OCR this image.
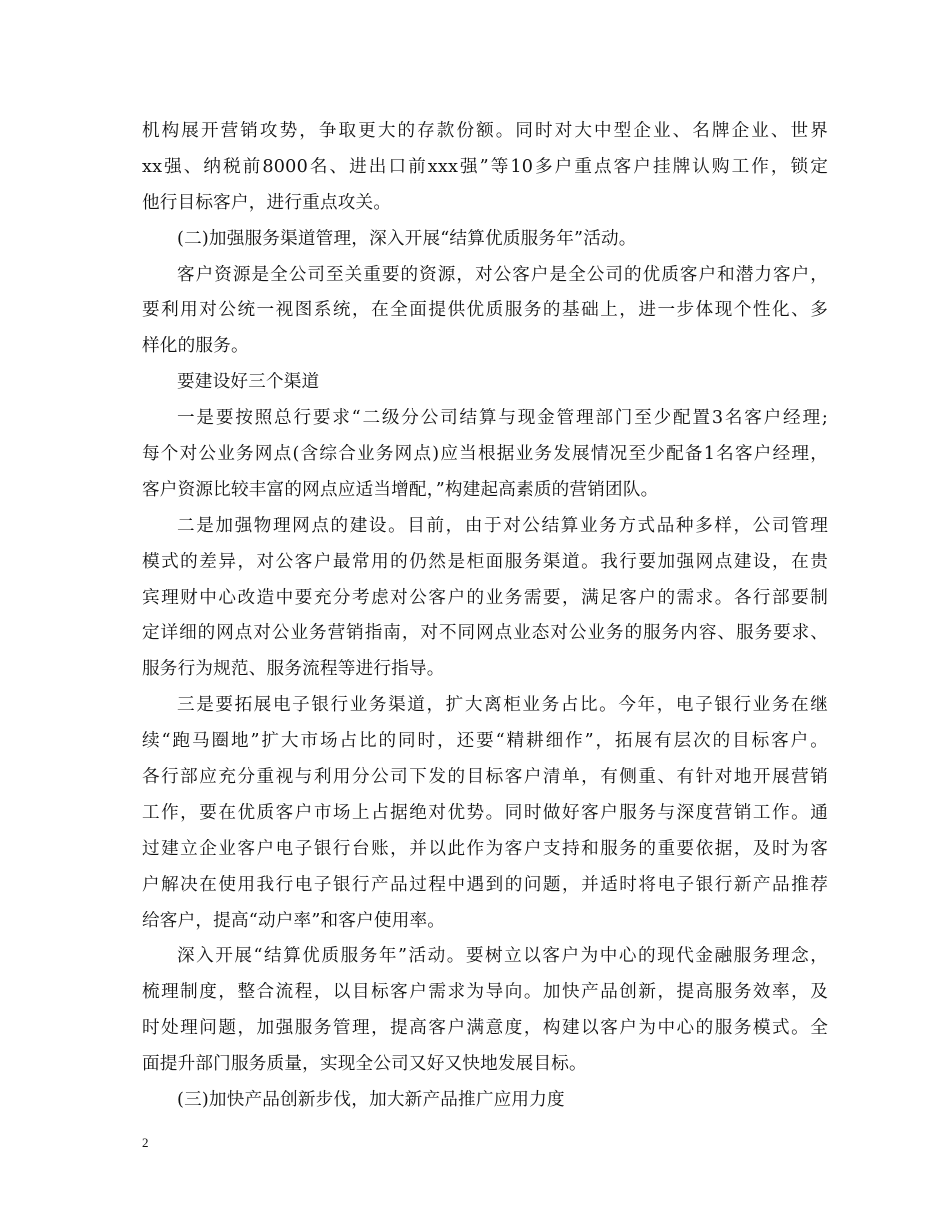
机构展开营销攻势，争取更大的存款份额。同时对大中型企业、名牌企业、世界
xx强、纳税前8000名、进出口前xxx强”等10多户重点客户挂牌认购工作，锁定
他行目标客户，进行重点攻关。
(二)加强服务渠道管理，深入开展“结算优质服务年”活动。
客户资源是全公司至关重要的资源，对公客户是全公司的优质客户和潜力客户，
要利用对公统一视图系统，在全面提供优质服务的基础上，进一步体现个性化、多
样化的服务。
要建设好三个渠道
一是要按照总行要求“二级分公司结算与现金管理部门至少配置3名客户经理;
每个对公业务网点(含综合业务网点)应当根据业务发展情况至少配备1名客户经理，
客户资源比较丰富的网点应适当增配，”构建起高素质的营销团队。
二是加强物理网点的建设。目前，由于对公结算业务方式品种多样，公司管理
模式的差异，对公客户最常用的仍然是柜面服务渠道。我行要加强网点建设，在贵
宾理财中心改造中要充分考虑对公客户的业务需要，满足客户的需求。各行部要制
定详细的网点对公业务营销指南，对不同网点业态对公业务的服务内容、服务要求、
服务行为规范、服务流程等进行指导。
三是要拓展电子银行业务渠道，扩大离柜业务占比。今年，电子银行业务在继
续“跑马圈地”扩大市场占比的同时，还要“精耕细作”，拓展有层次的目标客户。
各行部应充分重视与利用分公司下发的目标客户清单，有侧重、有针对地开展营销
工作，要在优质客户市场上占据绝对优势。同时做好客户服务与深度营销工作。通
过建立企业客户电子银行台账，并以此作为客户支持和服务的重要依据，及时为客
户解决在使用我行电子银行产品过程中遇到的问题，并适时将电子银行新产品推荐
给客户，提高“动户率”和客户使用率。
深入开展“结算优质服务年”活动。要树立以客户为中心的现代金融服务理念，
梳理制度，整合流程，以目标客户需求为导向。加快产品创新，提高服务效率，及
时处理问题，加强服务管理，提高客户满意度，构建以客户为中心的服务模式。全
面提升部门服务质量，实现全公司又好又快地发展目标。
(三)加快产品创新步伐，加大新产品推广应用力度
2
